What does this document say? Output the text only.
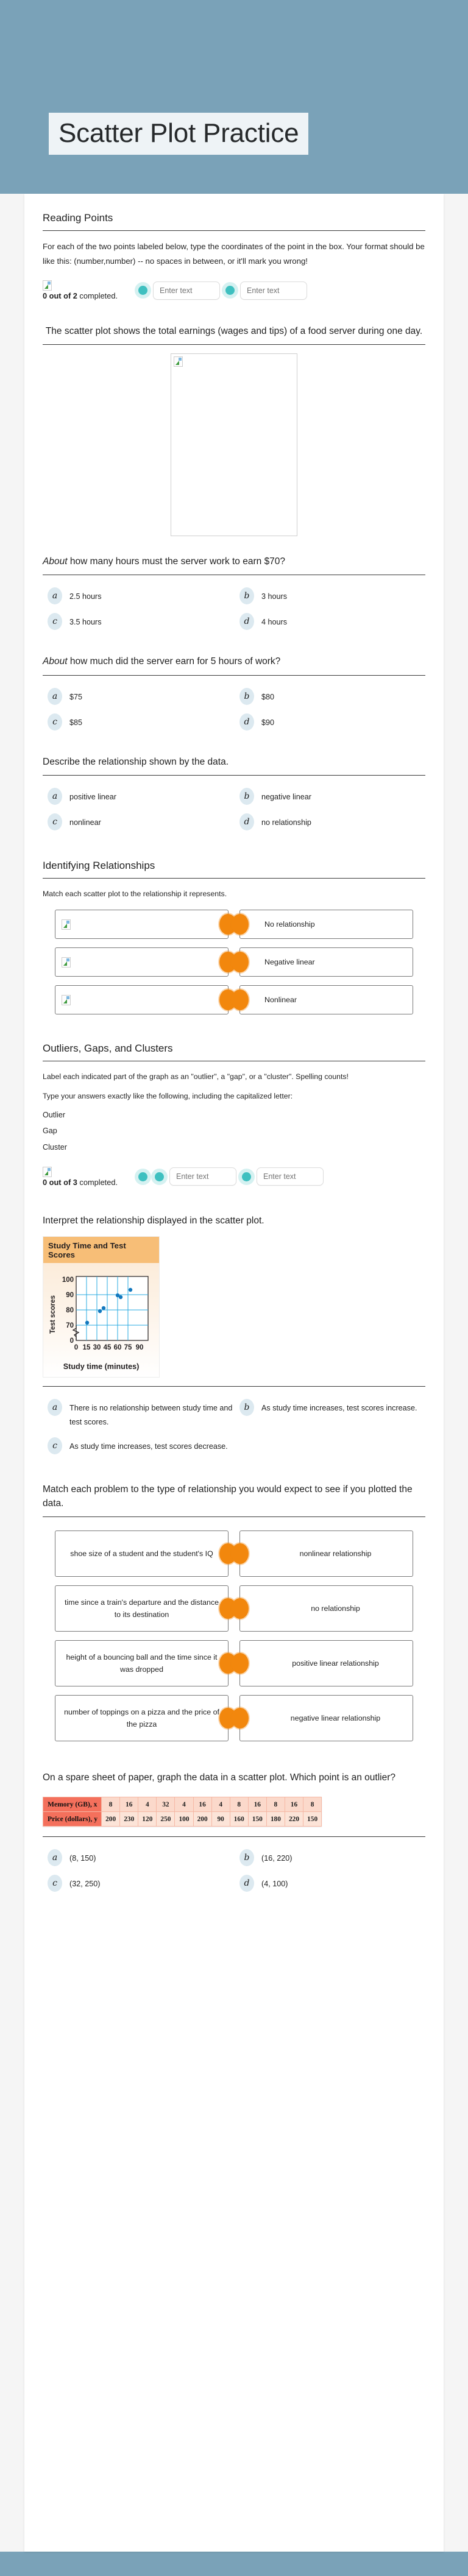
Scatter Plot Practice
Reading Points
For each of the two points labeled below, type the coordinates of the point in the box. Your format should be like this: (number,number) -- no spaces in between, or it'll mark you wrong!
0 out of 2 completed.
Enter text
Enter text
The scatter plot shows the total earnings (wages and tips) of a food server during one day.
About how many hours must the server work to earn $70?
a	2.5 hours	b	3 hours
c	3.5 hours	d	4 hours
About how much did the server earn for 5 hours of work?
a	$75	b	$80
c	$85	d	$90
Describe the relationship shown by the data.
a	positive linear	b	negative linear
c	nonlinear	d	no relationship
Identifying Relationships
Match each scatter plot to the relationship it represents.
No relationship
Negative linear
Nonlinear
Outliers, Gaps, and Clusters
Label each indicated part of the graph as an "outlier", a "gap", or a "cluster". Spelling counts!
Type your answers exactly like the following, including the capitalized letter:
Outlier
Gap
Cluster
0 out of 3 completed.
Enter text
Enter text
Interpret the relationship displayed in the scatter plot.
Study Time and Test Scores
Test scores
100
90
80
70
0
0 15 30 45 60 75 90
Study time (minutes)
a	There is no relationship between study time and test scores.
b	As study time increases, test scores increase.
c	As study time increases, test scores decrease.
Match each problem to the type of relationship you would expect to see if you plotted the data.
shoe size of a student and the student's IQ	nonlinear relationship
time since a train's departure and the distance to its destination
no relationship
height of a bouncing ball and the time since it was dropped
positive linear relationship
number of toppings on a pizza and the price of the pizza
negative linear relationship
On a spare sheet of paper, graph the data in a scatter plot. Which point is an outlier?
Memory (GB), x	8	16	4	32	4	16	4	8	16	8	16	8
Price (dollars), y	200	230	120	250	100	200	90	160	150	180	220	150
a	(8, 150)	b	(16, 220)
c	(32, 250)	d	(4, 100)
